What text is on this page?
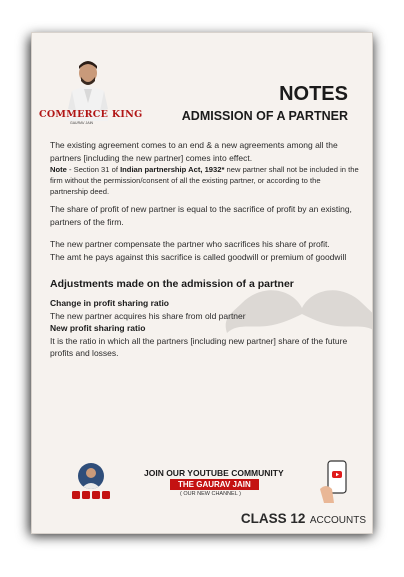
COMMERCE KING
GAURAV JAIN
NOTES
ADMISSION OF A PARTNER

The existing agreement comes to an end & a new agreements among all the partners [including the new partner] comes into effect.

Note - Section 31 of Indian partnership Act, 1932* new partner shall not be included in the firm without the permission/consent of all the existing partner, or according to the partnership deed.

The share of profit of new partner is equal to the sacrifice of profit by an existing, partners of the firm.

The new partner compensate the partner who sacrifices his share of profit.

The amt he pays against this sacrifice is called goodwill or premium of goodwill

Adjustments made on the admission of a partner

Change in profit sharing ratio

The new partner acquires his share from old partner

New profit sharing ratio

It is the ratio in which all the partners [including new partner] share of the future profits and losses.

JOIN OUR YOUTUBE COMMUNITY
THE GAURAV JAIN
( OUR NEW CHANNEL )
CLASS 12 ACCOUNTS
